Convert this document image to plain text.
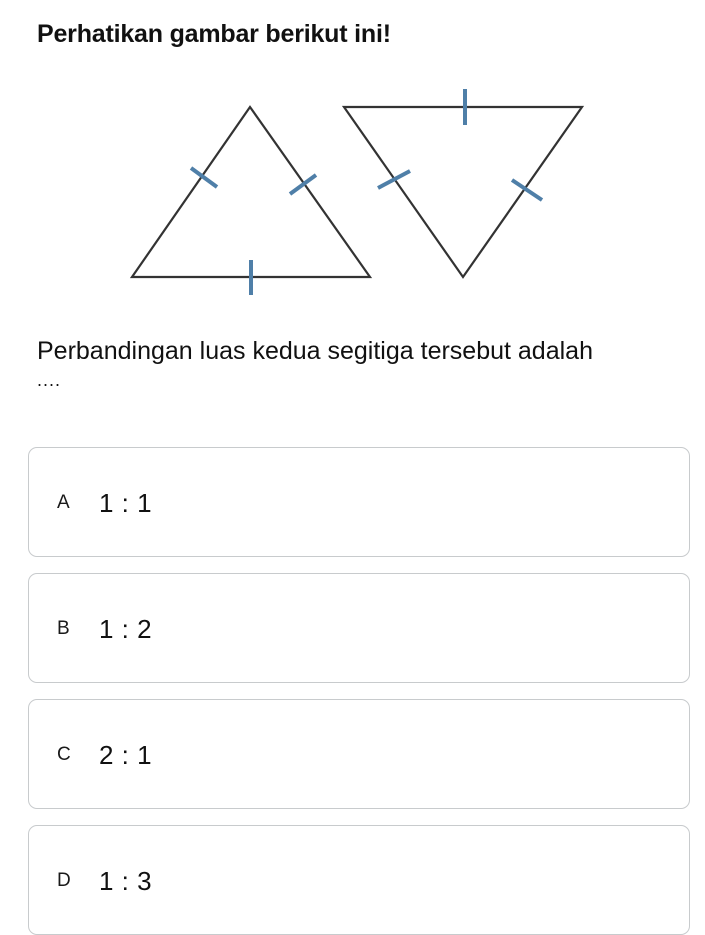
Perhatikan gambar berikut ini!
Perbandingan luas kedua segitiga tersebut adalah
....
A 1 : 1
B 1 : 2
C 2 : 1
D 1 : 3
